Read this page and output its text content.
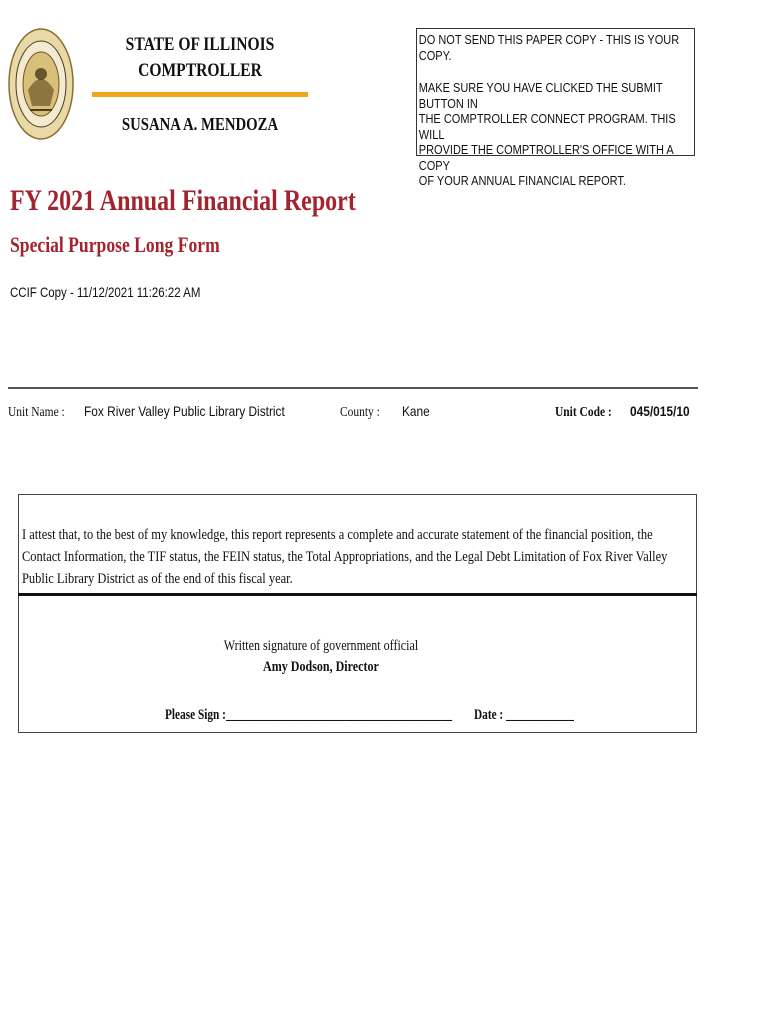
STATE OF ILLINOIS
COMPTROLLER
SUSANA A. MENDOZA
DO NOT SEND THIS PAPER COPY - THIS IS YOUR COPY.
MAKE SURE YOU HAVE CLICKED THE SUBMIT BUTTON IN
THE COMPTROLLER CONNECT PROGRAM. THIS WILL
PROVIDE THE COMPTROLLER'S OFFICE WITH A COPY
OF YOUR ANNUAL FINANCIAL REPORT.
FY 2021 Annual Financial Report
Special Purpose Long Form
CCIF Copy - 11/12/2021 11:26:22 AM
Unit Name : Fox River Valley Public Library District	County : Kane	Unit Code : 045/015/10
I attest that, to the best of my knowledge, this report represents a complete and accurate statement of the financial position, the Contact Information, the TIF status, the FEIN status, the Total Appropriations, and the Legal Debt Limitation of Fox River Valley Public Library District as of the end of this fiscal year.
Written signature of government official
Amy Dodson, Director
Please Sign :________________________________________ Date : ____________
